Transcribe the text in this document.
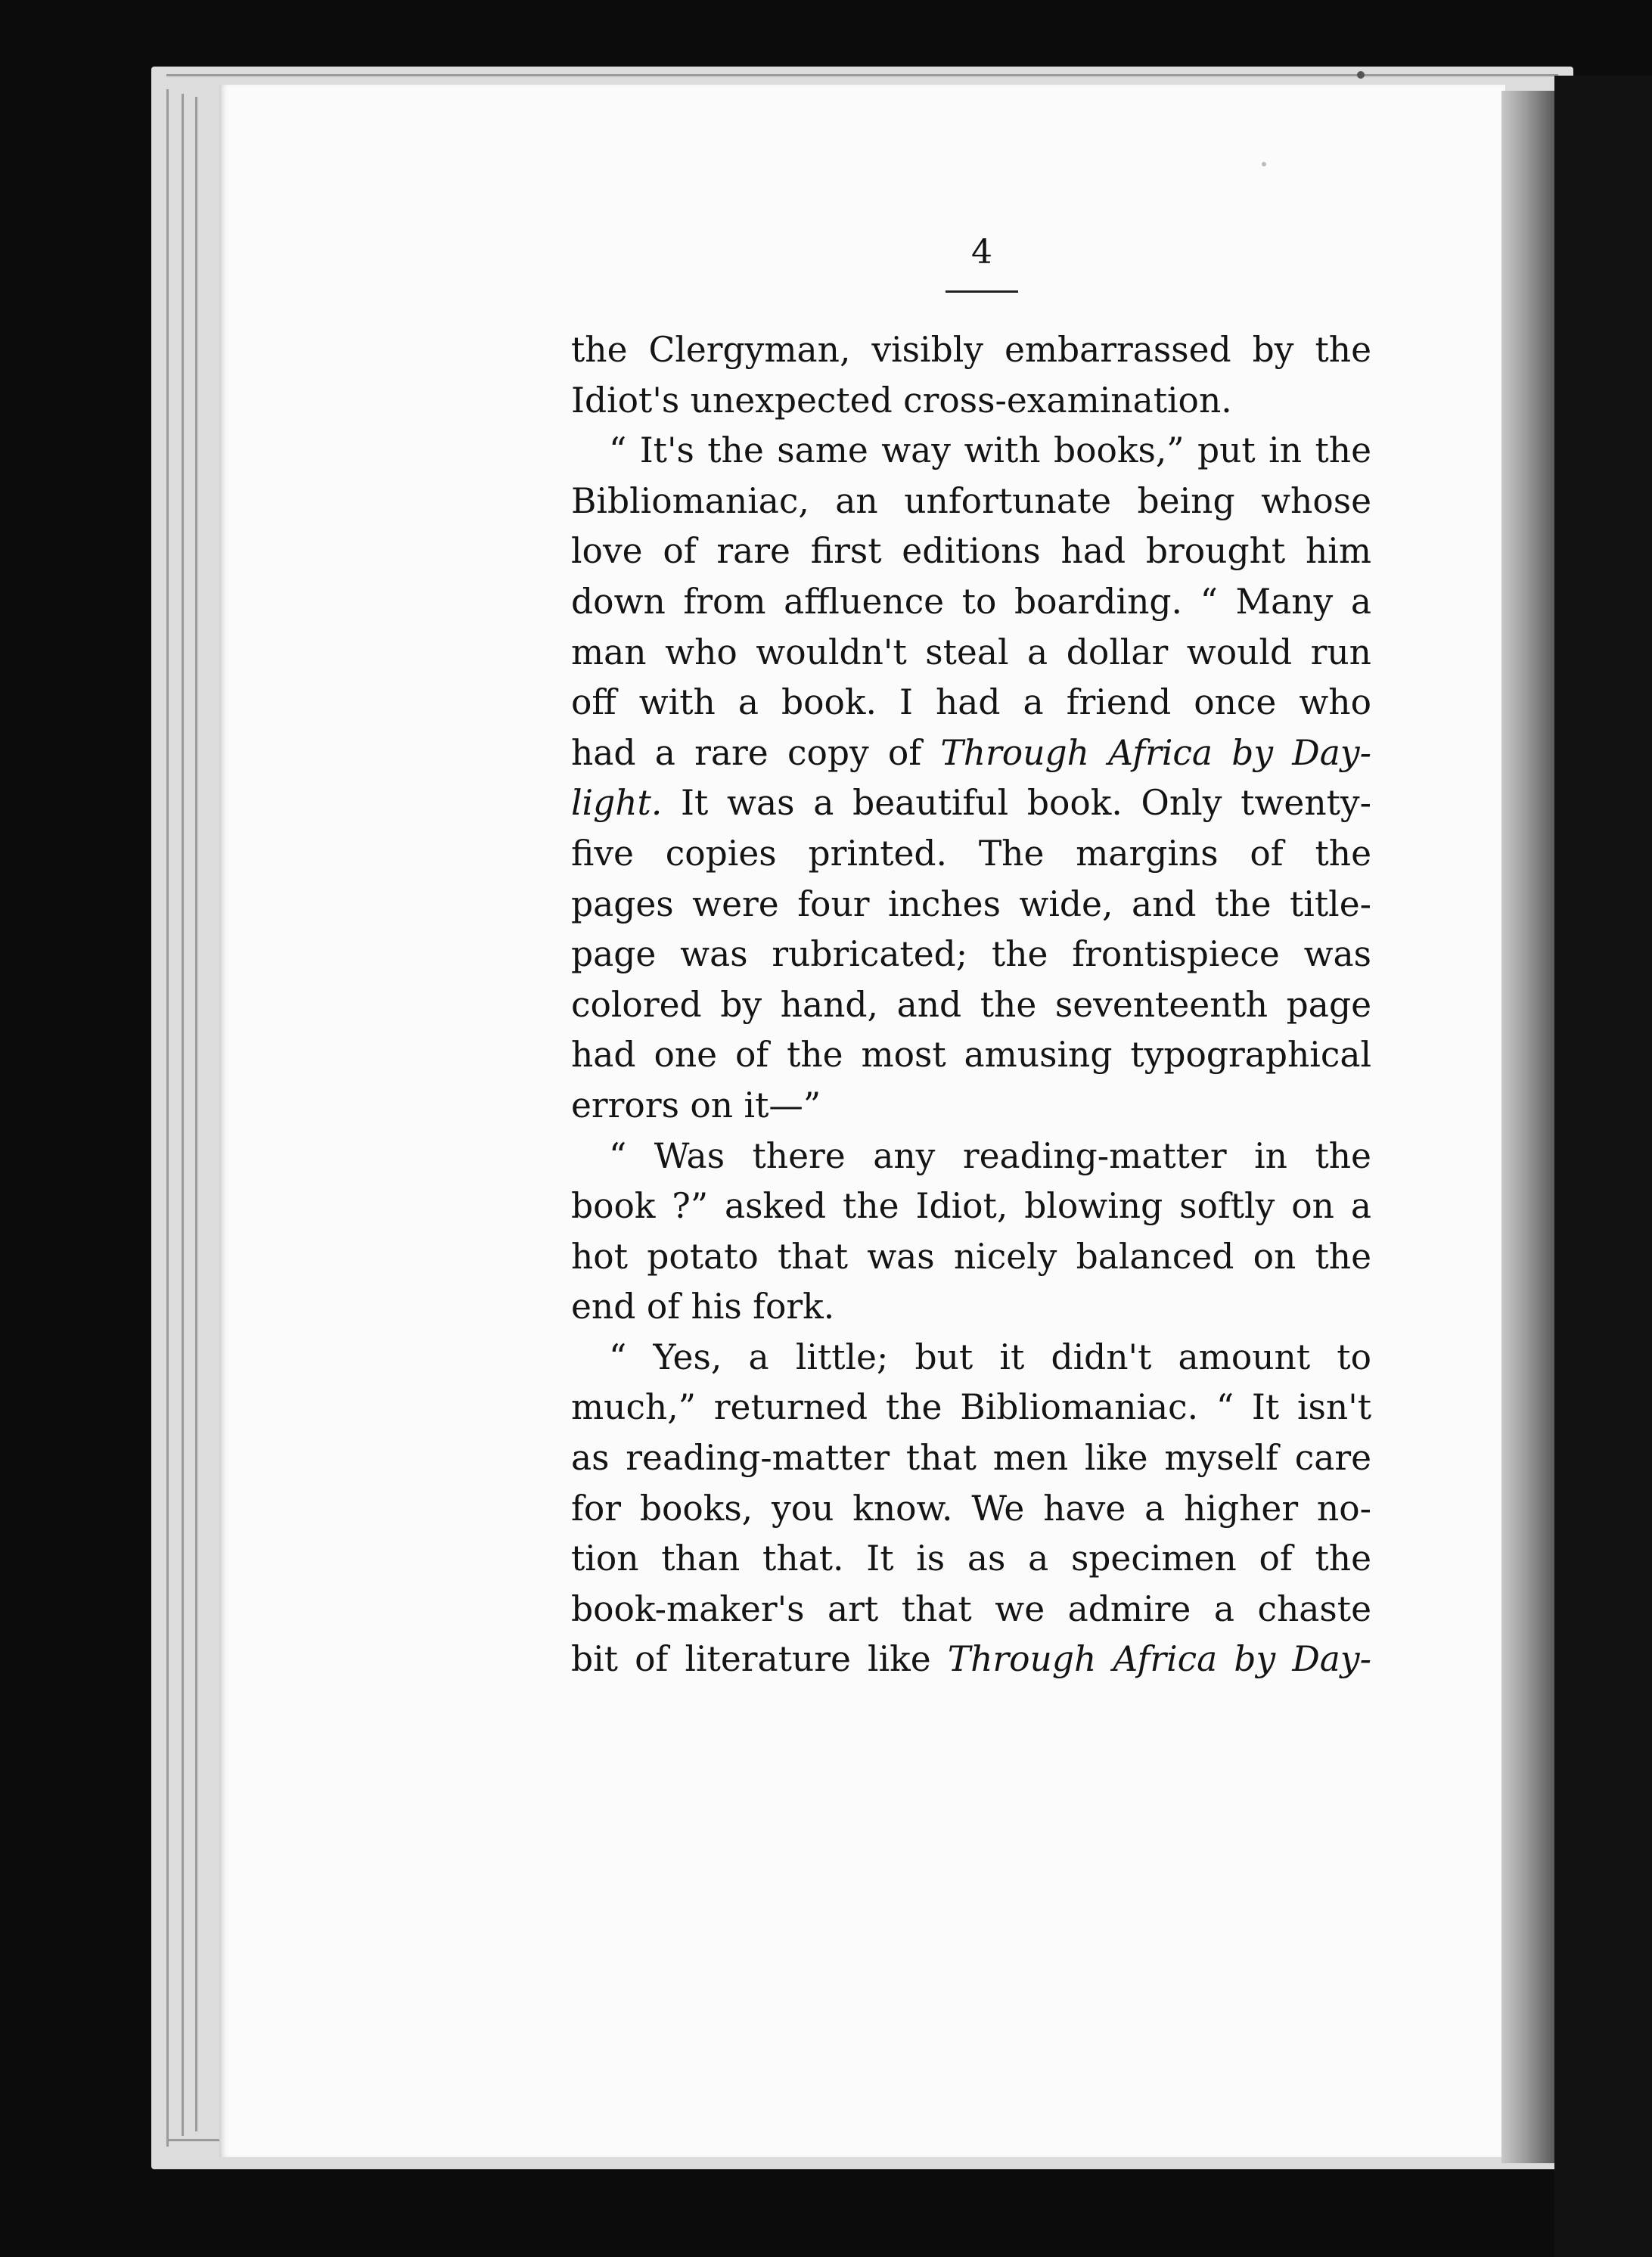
4
the Clergyman, visibly embarrassed by the
Idiot's unexpected cross-examination.
“ It's the same way with books,” put in the
Bibliomaniac, an unfortunate being whose
love of rare first editions had brought him
down from affluence to boarding. “ Many a
man who wouldn't steal a dollar would run
off with a book. I had a friend once who
had a rare copy of Through Africa by Day-
light. It was a beautiful book. Only twenty-
five copies printed. The margins of the
pages were four inches wide, and the title-
page was rubricated; the frontispiece was
colored by hand, and the seventeenth page
had one of the most amusing typographical
errors on it—”
“ Was there any reading-matter in the
book ?” asked the Idiot, blowing softly on a
hot potato that was nicely balanced on the
end of his fork.
“ Yes, a little; but it didn't amount to
much,” returned the Bibliomaniac. “ It isn't
as reading-matter that men like myself care
for books, you know. We have a higher no-
tion than that. It is as a specimen of the
book-maker's art that we admire a chaste
bit of literature like Through Africa by Day-
